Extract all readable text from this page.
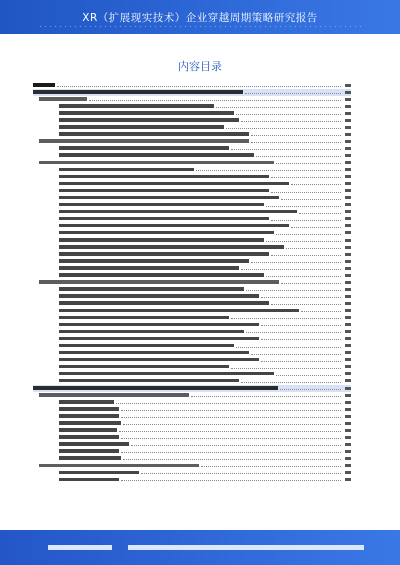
XR（扩展现实技术）企业穿越周期策略研究报告
内容目录
